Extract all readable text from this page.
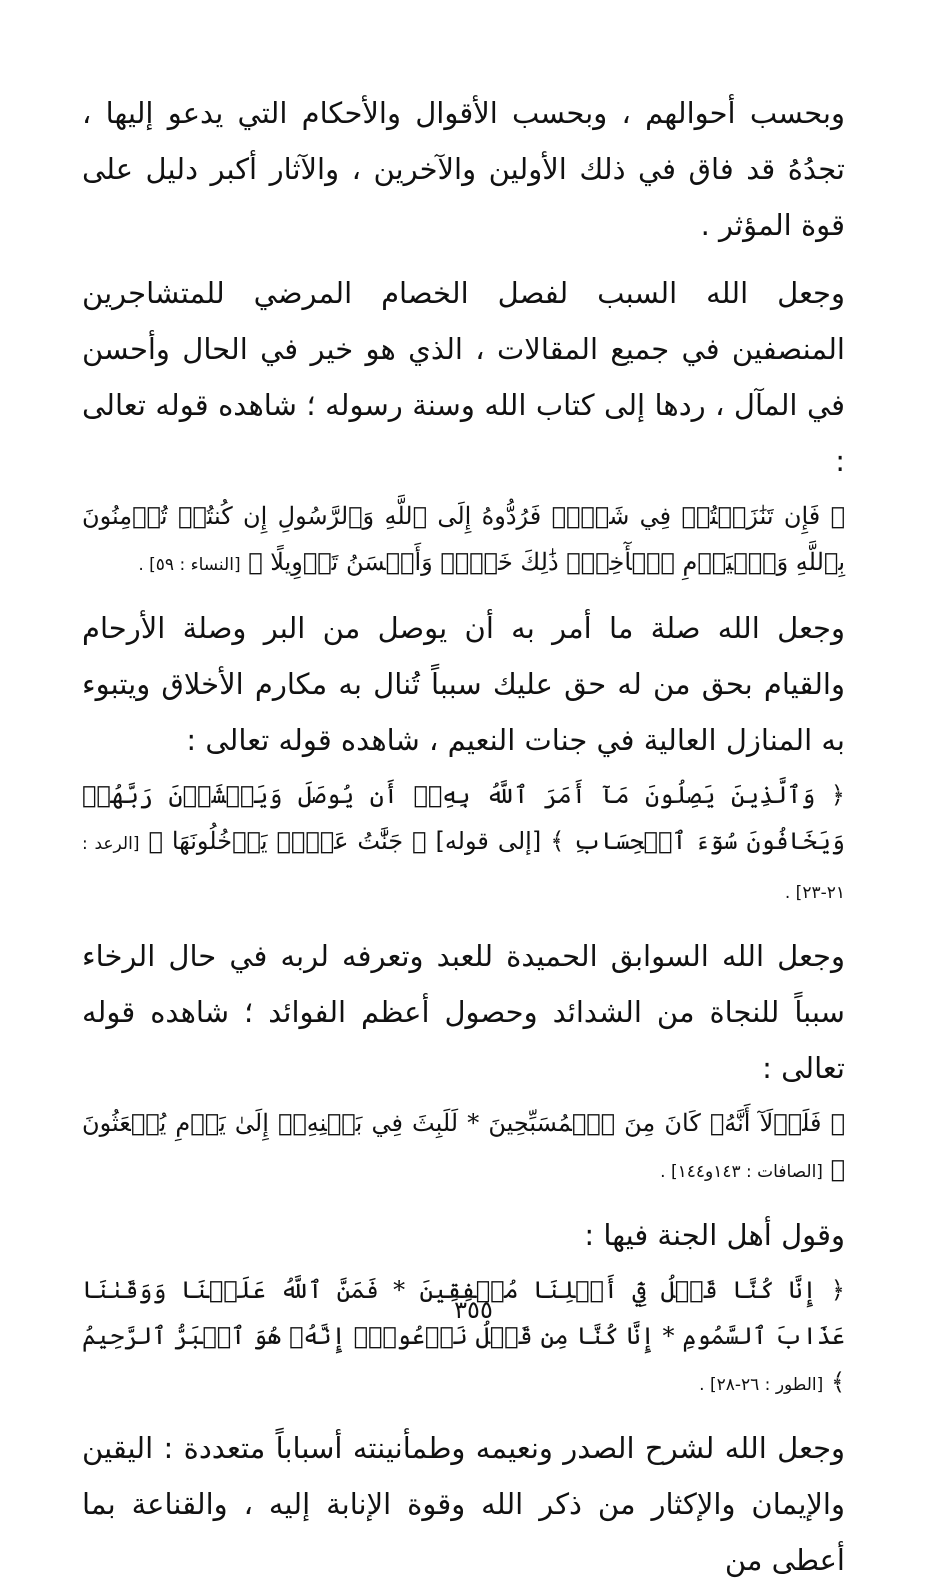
وبحسب أحوالهم ، وبحسب الأقوال والأحكام التي يدعو إليها ، تجدُهُ قد فاق في ذلك الأولين والآخرين ، والآثار أكبر دليل على قوة المؤثر .

وجعل الله السبب لفصل الخصام المرضي للمتشاجرين المنصفين في جميع المقالات ، الذي هو خير في الحال وأحسن في المآل ، ردها إلى كتاب الله وسنة رسوله ؛ شاهده قوله تعالى :

﴿ فَإِن تَنَٰزَعۡتُمۡ فِي شَيۡءٖ فَرُدُّوهُ إِلَى ٱللَّهِ وَٱلرَّسُولِ إِن كُنتُمۡ تُؤۡمِنُونَ بِٱللَّهِ وَٱلۡيَوۡمِ ٱلۡأٓخِرِۚ ذَٰلِكَ خَيۡرٞ وَأَحۡسَنُ تَأۡوِيلًا ﴾ [النساء : ٥٩] .

وجعل الله صلة ما أمر به أن يوصل من البر وصلة الأرحام والقيام بحق من له حق عليك سبباً تُنال به مكارم الأخلاق ويتبوء به المنازل العالية في جنات النعيم ، شاهده قوله تعالى :

﴿ وَٱلَّذِينَ يَصِلُونَ مَآ أَمَرَ ٱللَّهُ بِهِۦٓ أَن يُوصَلَ وَيَخۡشَوۡنَ رَبَّهُمۡ وَيَخَافُونَ سُوٓءَ ٱلۡحِسَابِ ﴾ [إلى قوله] ﴿ جَنَّٰتُ عَدۡنٖ يَدۡخُلُونَهَا ﴾ [الرعد : ٢١-٢٣] .

وجعل الله السوابق الحميدة للعبد وتعرفه لربه في حال الرخاء سبباً للنجاة من الشدائد وحصول أعظم الفوائد ؛ شاهده قوله تعالى :

﴿ فَلَوۡلَآ أَنَّهُۥ كَانَ مِنَ ٱلۡمُسَبِّحِينَ * لَلَبِثَ فِي بَطۡنِهِۦٓ إِلَىٰ يَوۡمِ يُبۡعَثُونَ ﴾ [الصافات : ١٤٣و١٤٤] .

وقول أهل الجنة فيها :

﴿ إِنَّا كُنَّا قَبۡلُ فِيٓ أَهۡلِنَا مُشۡفِقِينَ * فَمَنَّ ٱللَّهُ عَلَيۡنَا وَوَقَىٰنَا عَذَابَ ٱلسَّمُومِ * إِنَّا كُنَّا مِن قَبۡلُ نَدۡعُوهُۖ إِنَّهُۥ هُوَ ٱلۡبَرُّ ٱلرَّحِيمُ ﴾ [الطور : ٢٦-٢٨] .

وجعل الله لشرح الصدر ونعيمه وطمأنينته أسباباً متعددة : اليقين والإيمان والإكثار من ذكر الله وقوة الإنابة إليه ، والقناعة بما أعطى من

٣٥٥
